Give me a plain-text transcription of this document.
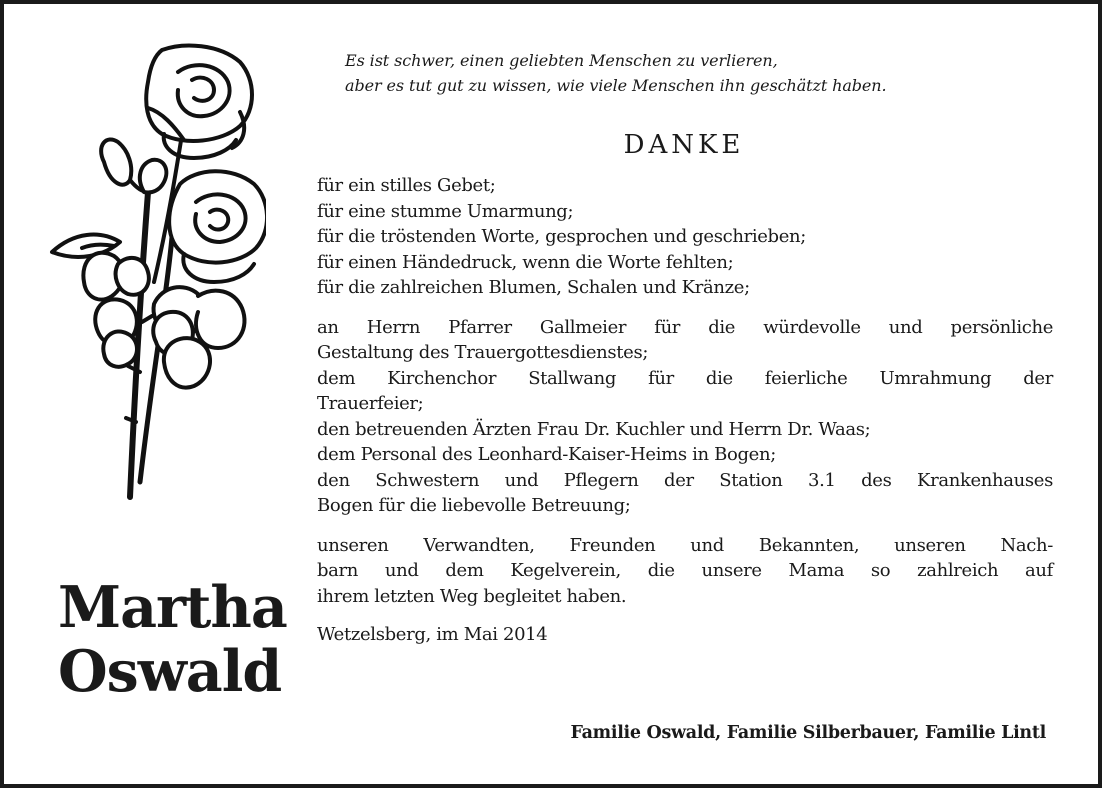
Martha
Oswald

Es ist schwer, einen geliebten Menschen zu verlieren,
aber es tut gut zu wissen, wie viele Menschen ihn geschätzt haben.

DANKE

für ein stilles Gebet;
für eine stumme Umarmung;
für die tröstenden Worte, gesprochen und geschrieben;
für einen Händedruck, wenn die Worte fehlten;
für die zahlreichen Blumen, Schalen und Kränze;

an Herrn Pfarrer Gallmeier für die würdevolle und persönliche
Gestaltung des Trauergottesdienstes;
dem Kirchenchor Stallwang für die feierliche Umrahmung der
Trauerfeier;
den betreuenden Ärzten Frau Dr. Kuchler und Herrn Dr. Waas;
dem Personal des Leonhard-Kaiser-Heims in Bogen;
den Schwestern und Pflegern der Station 3.1 des Krankenhauses
Bogen für die liebevolle Betreuung;

unseren Verwandten, Freunden und Bekannten, unseren Nach-
barn und dem Kegelverein, die unsere Mama so zahlreich auf
ihrem letzten Weg begleitet haben.

Wetzelsberg, im Mai 2014

Familie Oswald, Familie Silberbauer, Familie Lintl
